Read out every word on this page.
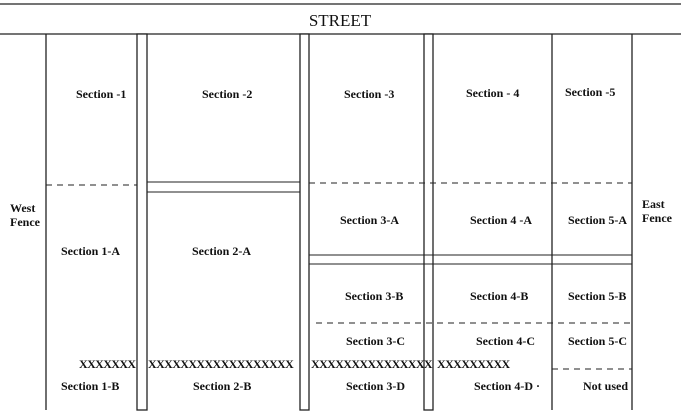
STREET
West Fence
East Fence
Section -1	Section -2	Section -3	Section - 4	Section -5
Section 1-A	Section 2-A
Section 3-A	Section 4 -A	Section 5-A
Section 3-B	Section 4-B	Section 5-B
Section 3-C	Section 4-C	Section 5-C
XXXXXXX XXXXXXXXXXXXXXXXXX XXXXXXXXXXXXXXX XXXXXXXXX
Section 1-B	Section 2-B	Section 3-D	Section 4-D ·	Not used
